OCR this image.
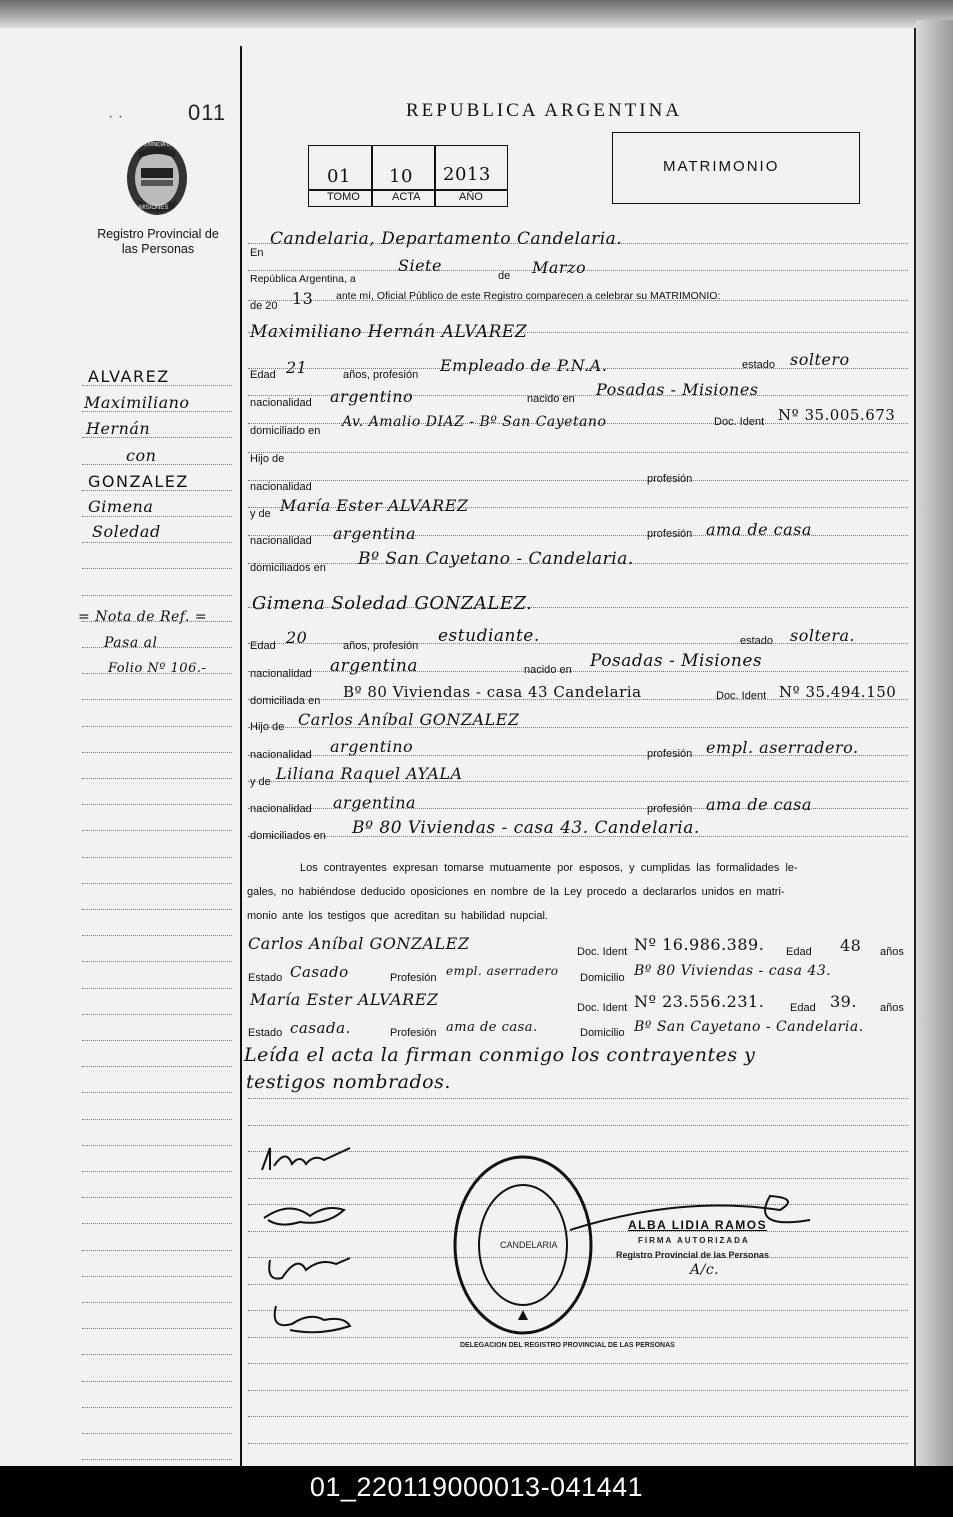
· ·	011
PROVINCIA DE
MISIONES
Registro Provincial de las Personas
REPUBLICA ARGENTINA
01 10 2013
TOMO	ACTA	AÑO
MATRIMONIO
ALVAREZ
Maximiliano
Hernán
con
GONZALEZ
Gimena
Soledad
= Nota de Ref. =
Pasa al
Folio Nº 106.-
En
Candelaria, Departamento Candelaria.
República Argentina, a
Siete
de Marzo
de 20 13 ante mí, Oficial Público de este Registro comparecen a celebrar su MATRIMONIO:
Maximiliano Hernán ALVAREZ
Edad 21	años, profesión Empleado de P.N.A.	estado soltero
nacionalidad argentino	nacido en Posadas - Misiones
domiciliado en
Av. Amalio DIAZ - Bº San Cayetano	Doc. Ident Nº 35.005.673
Hijo de
nacionalidad
profesión
y de María Ester ALVAREZ
nacionalidad argentina	profesión ama de casa
domiciliados en Bº San Cayetano - Candelaria.
Gimena Soledad GONZALEZ.
Edad 20	años, profesión estudiante.	estado soltera.
nacionalidad argentina	nacido en Posadas - Misiones
domiciliada en Bº 80 Viviendas - casa 43 Candelaria	Doc. Ident Nº 35.494.150
Hijo de Carlos Aníbal GONZALEZ
nacionalidad argentino	profesión empl. aserradero.
y de Liliana Raquel AYALA
nacionalidad argentina	profesión ama de casa
domiciliados en Bº 80 Viviendas - casa 43. Candelaria.
Los contrayentes expresan tomarse mutuamente por esposos, y cumplidas las formalidades le-
gales, no habiéndose deducido oposiciones en nombre de la Ley procedo a declararlos unidos en matri-
monio ante los testigos que acreditan su habilidad nupcial.
Carlos Aníbal GONZALEZ	Doc. Ident Nº 16.986.389. Edad 48 años
Estado Casado	Profesión empl. aserradero Domicilio Bº 80 Viviendas - casa 43.
María Ester ALVAREZ	Doc. Ident Nº 23.556.231. Edad 39. años
Estado casada.	Profesión ama de casa.	Domicilio Bº San Cayetano - Candelaria.
Leída el acta la firman conmigo los contrayentes y
testigos nombrados.
DELEGACION DEL REGISTRO PROVINCIAL DE LAS PERSONAS
CANDELARIA
ALBA LIDIA RAMOS
FIRMA AUTORIZADA
Registro Provincial de las Personas
A/c.
01_220119000013-041441
